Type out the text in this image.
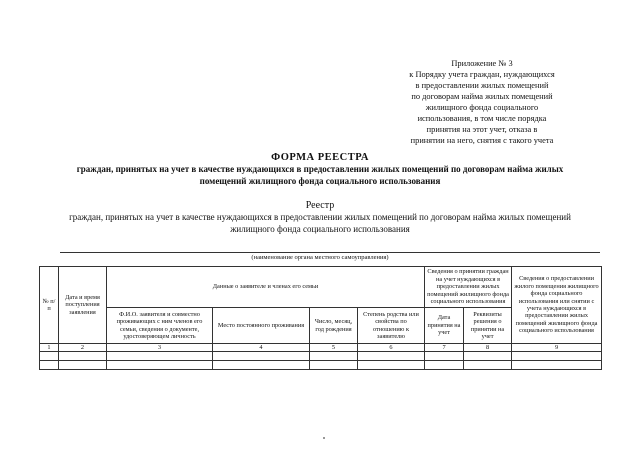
Приложение № 3
к Порядку учета граждан, нуждающихся
в предоставлении жилых помещений
по договорам найма жилых помещений
жилищного фонда социального
использования, в том числе порядка
принятия на этот учет, отказа в
принятии на него, снятия с такого учета
ФОРМА РЕЕСТРА
граждан, принятых на учет в качестве нуждающихся в предоставлении жилых помещений по договорам найма жилых помещений жилищного фонда социального использования
Реестр
граждан, принятых на учет в качестве нуждающихся в предоставлении жилых помещений по договорам найма жилых помещений жилищного фонда социального использования
(наименование органа местного самоуправления)
№ п/п	Дата и время поступления заявления	Данные о заявителе и членах его семьи				Сведения о принятии граждан на учет нуждающихся в предоставлении жилых помещений жилищного фонда социального использования		Сведения о предоставлении жилого помещения жилищного фонда социального использования или снятии с учета нуждающихся в предоставлении жилых помещений жилищного фонда социального использования
		Ф.И.О. заявителя и совместно проживающих с ним членов его семьи, сведения о документе, удостоверяющем личность	Место постоянного проживания	Число, месяц, год рождения	Степень родства или свойства по отношению к заявителю	Дата принятия на учет	Реквизиты решения о принятии на учет	
1	2	3	4	5	6	7	8	9
